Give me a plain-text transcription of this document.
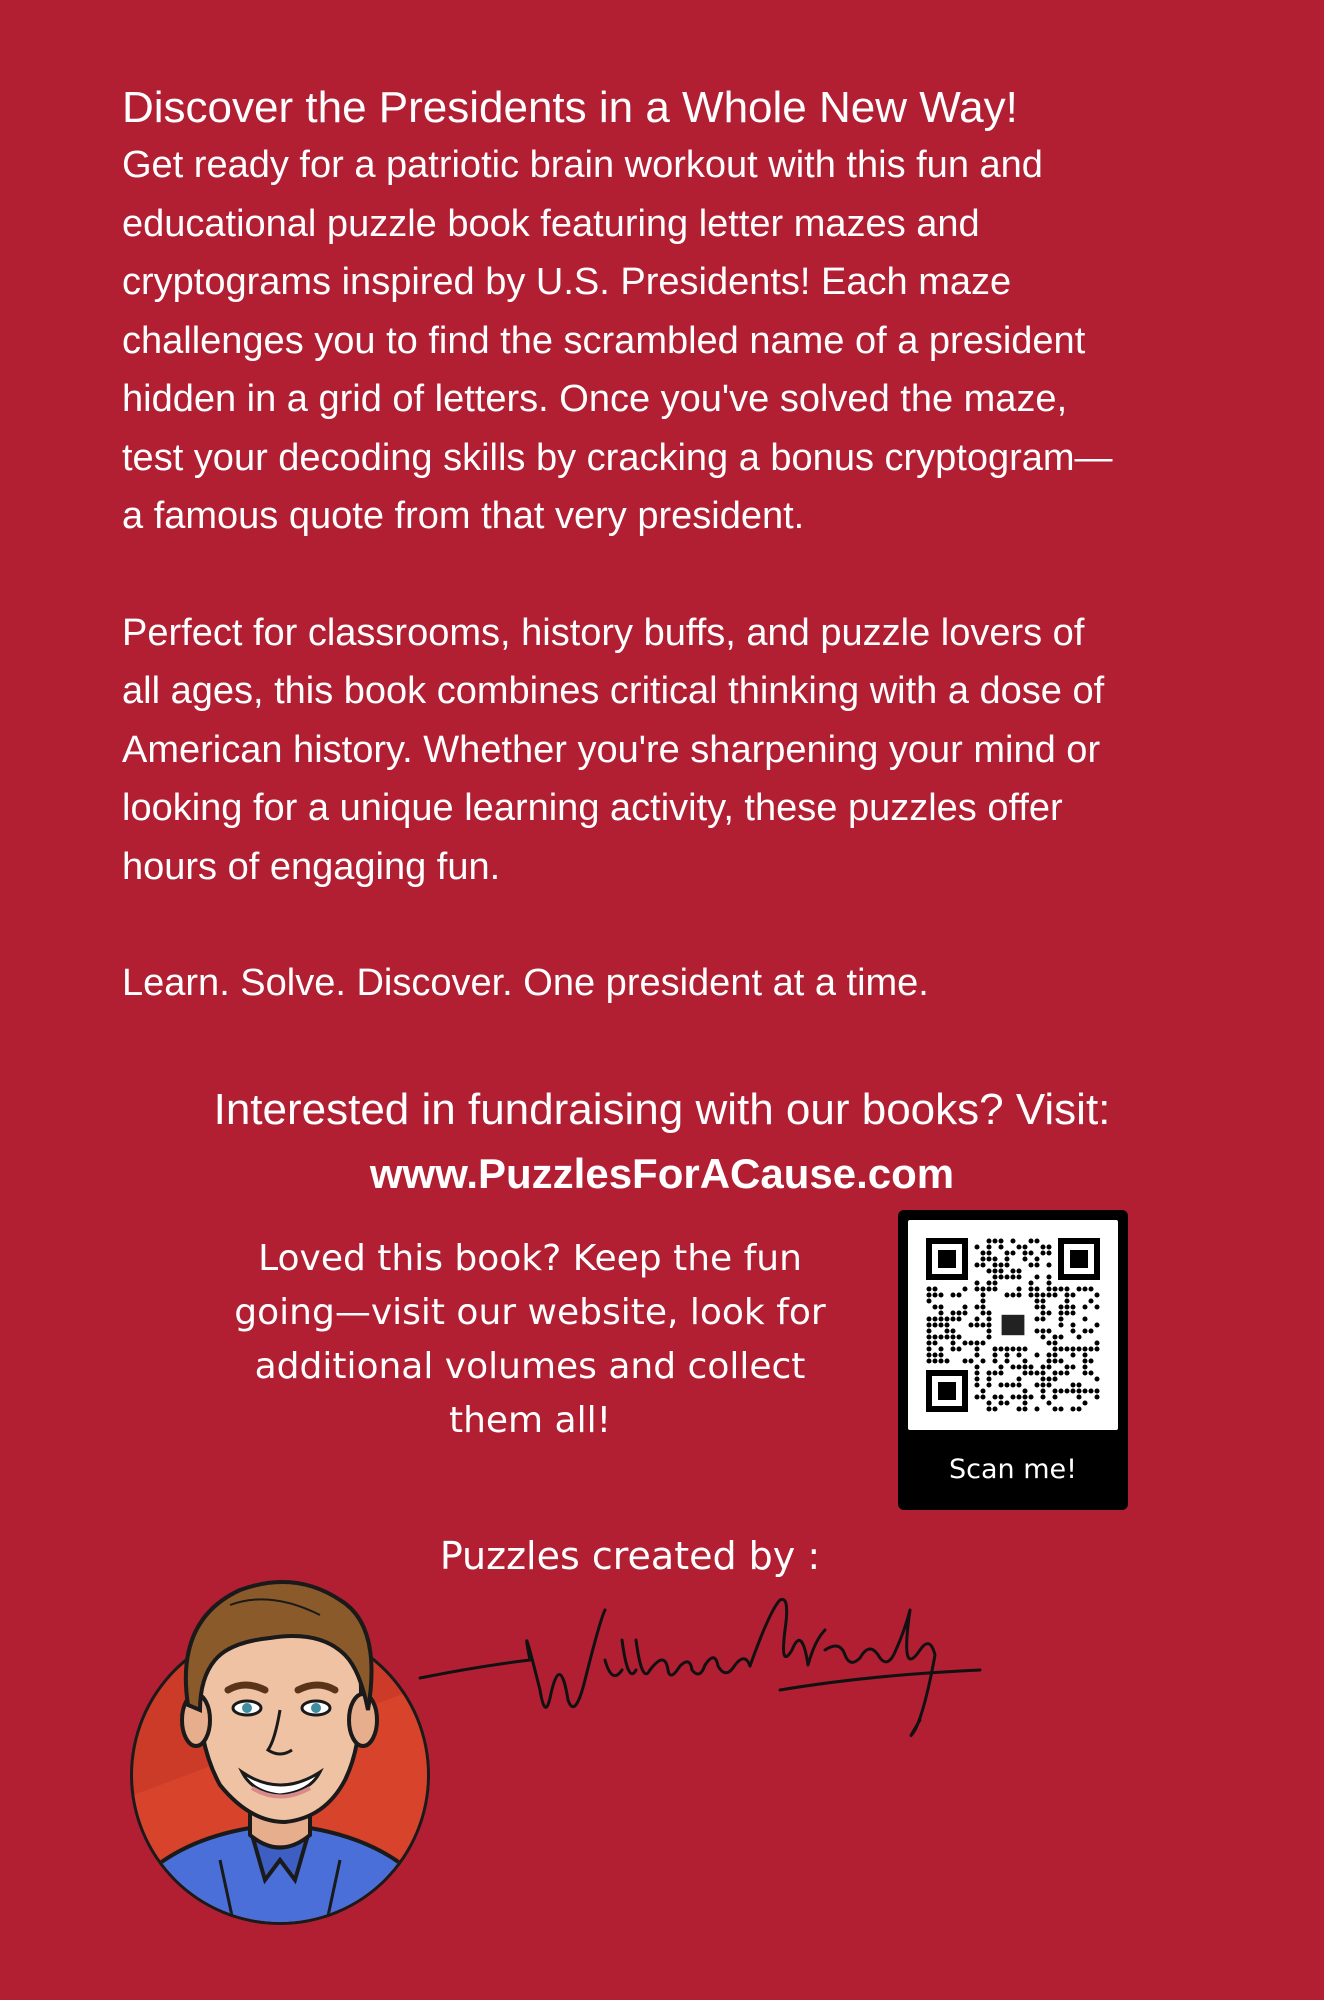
Discover the Presidents in a Whole New Way!

Get ready for a patriotic brain workout with this fun and
educational puzzle book featuring letter mazes and
cryptograms inspired by U.S. Presidents! Each maze
challenges you to find the scrambled name of a president
hidden in a grid of letters. Once you've solved the maze,
test your decoding skills by cracking a bonus cryptogram—
a famous quote from that very president.

Perfect for classrooms, history buffs, and puzzle lovers of
all ages, this book combines critical thinking with a dose of
American history. Whether you're sharpening your mind or
looking for a unique learning activity, these puzzles offer
hours of engaging fun.

Learn. Solve. Discover. One president at a time.

Interested in fundraising with our books? Visit:
www.PuzzlesForACause.com
Loved this book? Keep the fun
going—visit our website, look for
additional volumes and collect
them all!
Scan me!
Puzzles created by :
